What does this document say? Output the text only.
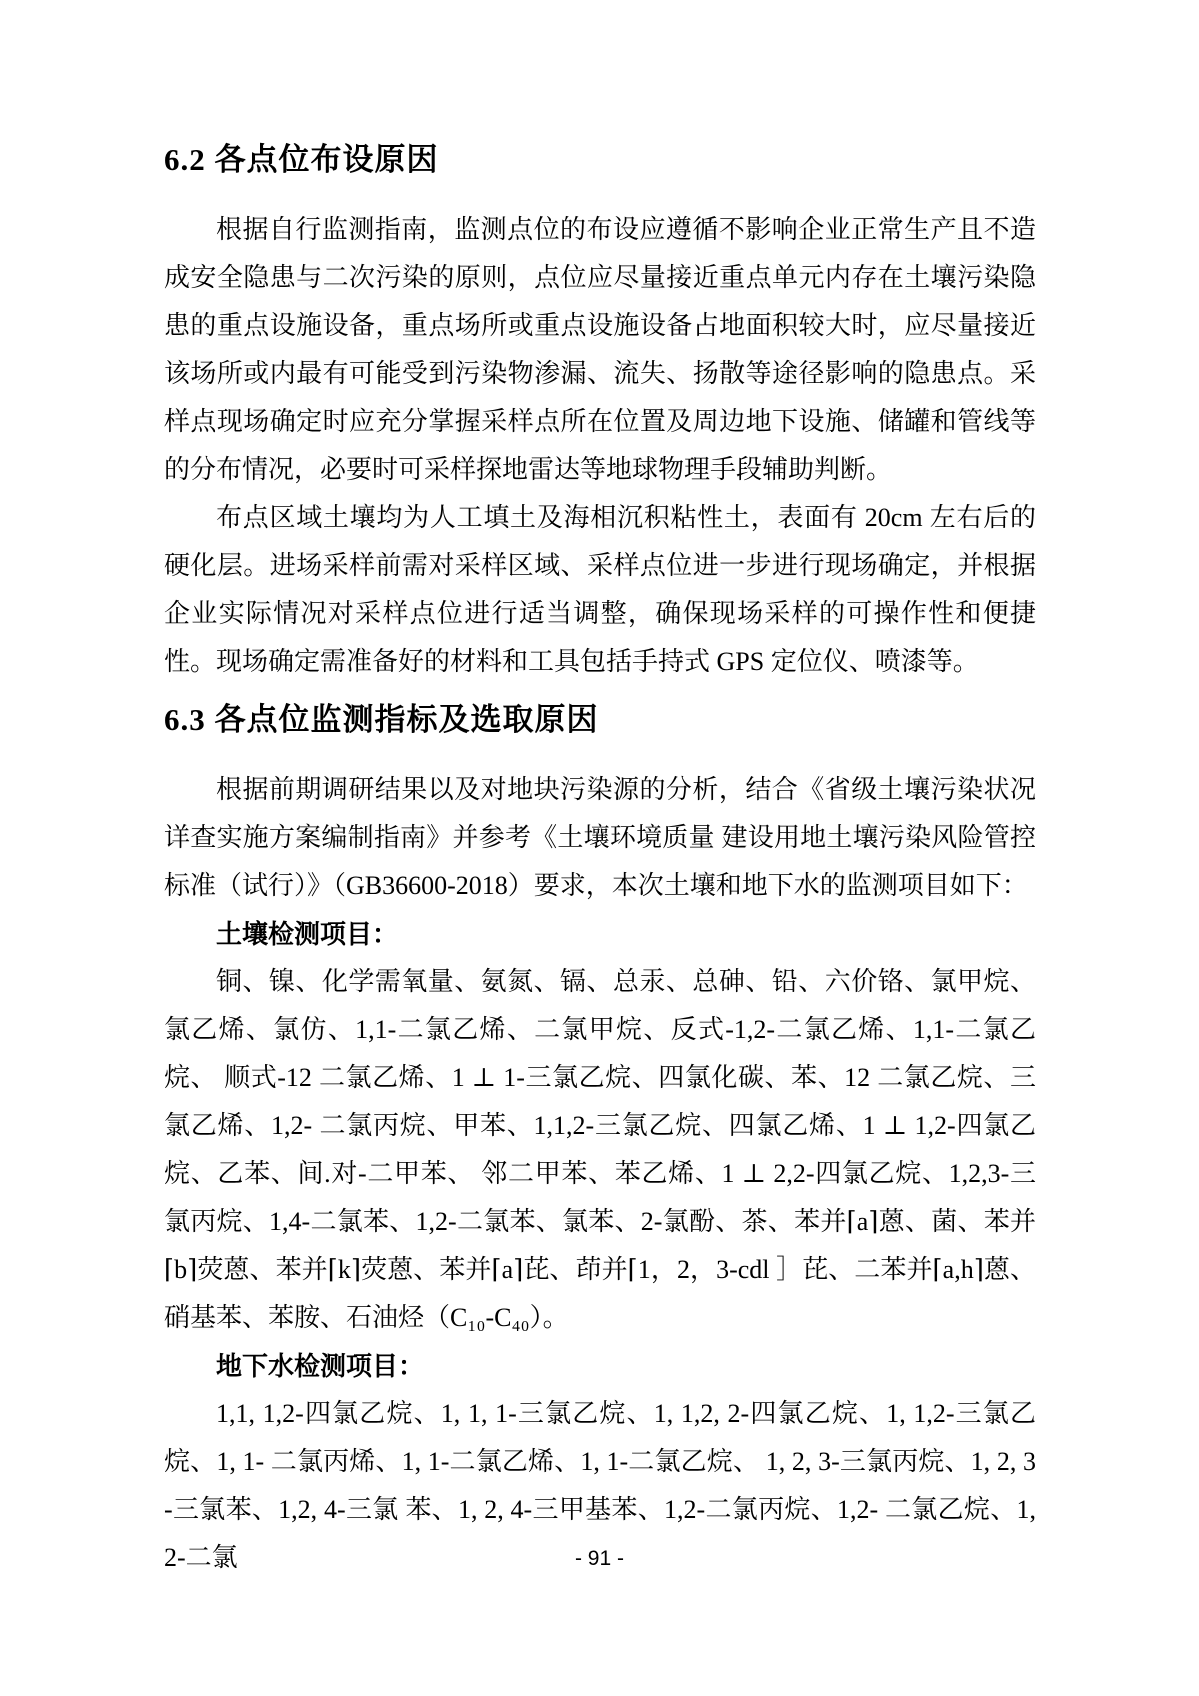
6.2 各点位布设原因

根据自行监测指南，监测点位的布设应遵循不影响企业正常生产且不造成安全隐患与二次污染的原则，点位应尽量接近重点单元内存在土壤污染隐患的重点设施设备，重点场所或重点设施设备占地面积较大时，应尽量接近该场所或内最有可能受到污染物渗漏、流失、扬散等途径影响的隐患点。采样点现场确定时应充分掌握采样点所在位置及周边地下设施、储罐和管线等的分布情况，必要时可采样探地雷达等地球物理手段辅助判断。

布点区域土壤均为人工填土及海相沉积粘性土，表面有 20cm 左右后的硬化层。进场采样前需对采样区域、采样点位进一步进行现场确定，并根据企业实际情况对采样点位进行适当调整，确保现场采样的可操作性和便捷性。现场确定需准备好的材料和工具包括手持式 GPS 定位仪、喷漆等。

6.3 各点位监测指标及选取原因

根据前期调研结果以及对地块污染源的分析，结合《省级土壤污染状况详查实施方案编制指南》并参考《土壤环境质量 建设用地土壤污染风险管控标准（试行）》（GB36600-2018）要求，本次土壤和地下水的监测项目如下：

土壤检测项目：

铜、镍、化学需氧量、氨氮、镉、总汞、总砷、铅、六价铬、氯甲烷、氯乙烯、氯仿、1,1-二氯乙烯、二氯甲烷、反式-1,2-二氯乙烯、1,1-二氯乙烷、 顺式-12 二氯乙烯、1 ⊥ 1-三氯乙烷、四氯化碳、苯、12 二氯乙烷、三氯乙烯、1,2- 二氯丙烷、甲苯、1,1,2-三氯乙烷、四氯乙烯、1 ⊥ 1,2-四氯乙烷、乙苯、间.对-二甲苯、 邻二甲苯、苯乙烯、1 ⊥ 2,2-四氯乙烷、1,2,3-三氯丙烷、1,4-二氯苯、1,2-二氯苯、氯苯、2-氯酚、茶、苯并⌈a⌉蒽、菌、苯并⌈b⌉荧蒽、苯并⌈k⌉荧蒽、苯并⌈a⌉芘、茚并⌈1，2，3-cdl ］芘、二苯并⌈a,h⌉蒽、硝基苯、苯胺、石油烃（C₁₀-C₄₀）。

地下水检测项目：

1,1, 1,2-四氯乙烷、1, 1, 1-三氯乙烷、1, 1,2, 2-四氯乙烷、1, 1,2-三氯乙烷、1, 1- 二氯丙烯、1, 1-二氯乙烯、1, 1-二氯乙烷、 1, 2, 3-三氯丙烷、1, 2, 3-三氯苯、1,2, 4-三氯 苯、1, 2, 4-三甲基苯、1,2-二氯丙烷、1,2- 二氯乙烷、1, 2-二氯	- 91 -
